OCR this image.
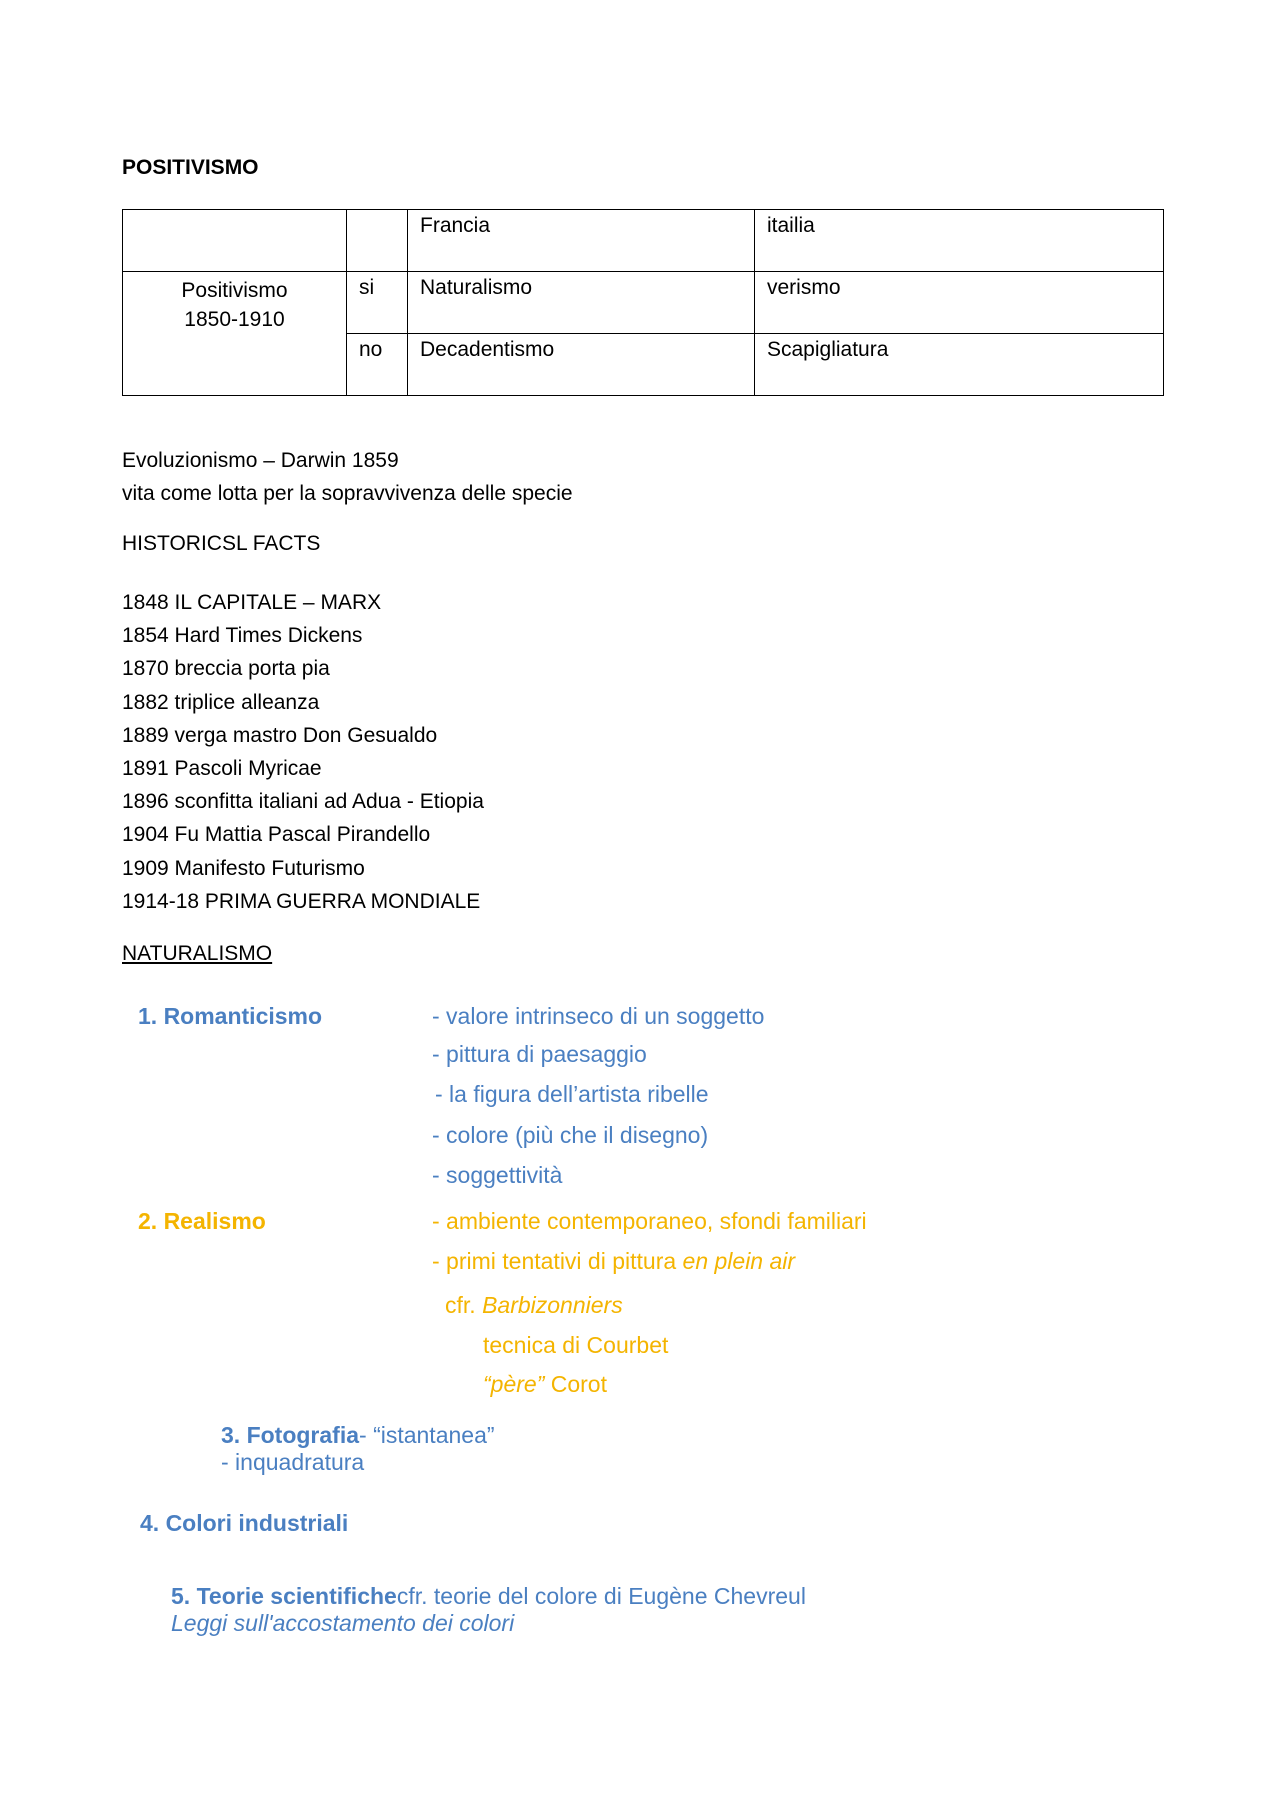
POSITIVISMO
		Francia	itailia

Positivismo
1850-1910	si	Naturalismo	verismo
	no	Decadentismo	Scapigliatura
Evoluzionismo – Darwin 1859
vita come lotta per la sopravvivenza delle specie
HISTORICSL FACTS
1848 IL CAPITALE – MARX
1854 Hard Times Dickens
1870 breccia porta pia
1882 triplice alleanza
1889 verga mastro Don Gesualdo
1891 Pascoli Myricae
1896 sconfitta italiani ad Adua - Etiopia
1904 Fu Mattia Pascal Pirandello
1909 Manifesto Futurismo
1914-18 PRIMA GUERRA MONDIALE
NATURALISMO
1. Romanticismo	- valore intrinseco di un soggetto
- pittura di paesaggio
- la figura dell’artista ribelle
- colore (più che il disegno)
- soggettività
2. Realismo	- ambiente contemporaneo, sfondi familiari
- primi tentativi di pittura en plein air
cfr. Barbizonniers
tecnica di Courbet
“père” Corot
3. Fotografia- “istantanea”
- inquadratura
4. Colori industriali
5. Teorie scientifichecfr. teorie del colore di Eugène Chevreul
Leggi sull'accostamento dei colori
